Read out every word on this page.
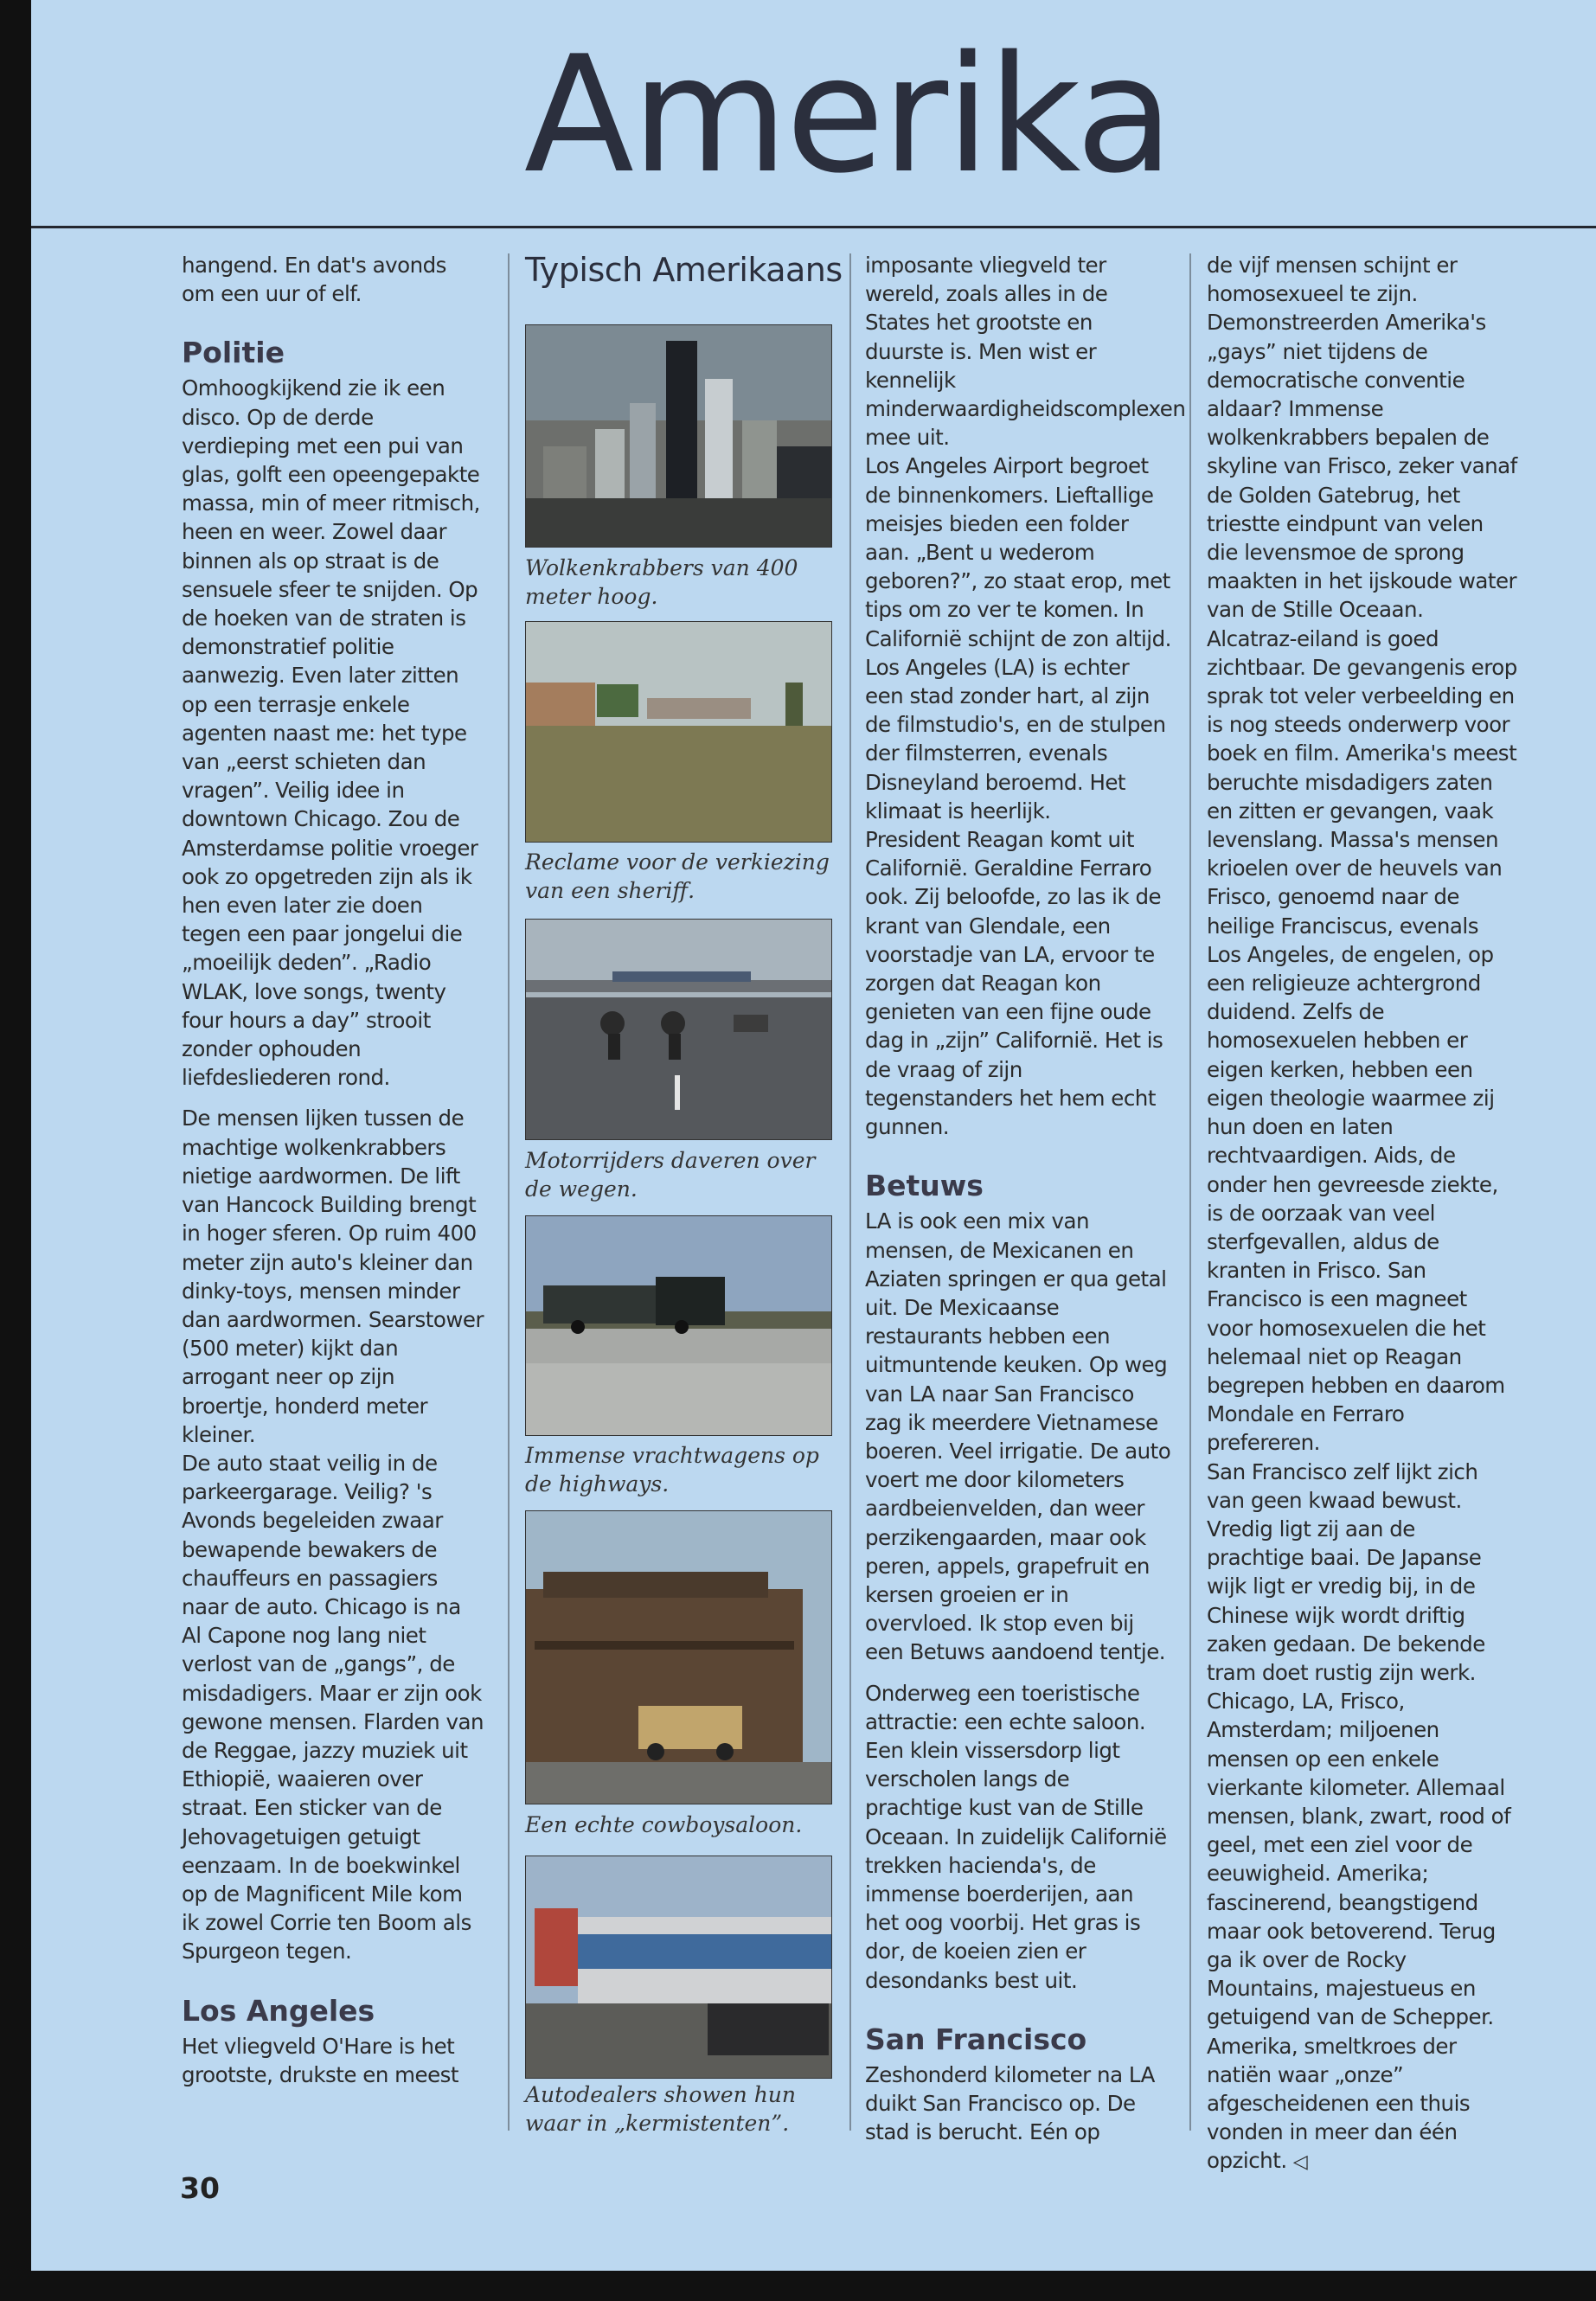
Amerika

hangend. En dat's avonds om een uur of elf.

Politie

Omhoogkijkend zie ik een disco. Op de derde verdieping met een pui van glas, golft een opeengepakte massa, min of meer ritmisch, heen en weer. Zowel daar binnen als op straat is de sensuele sfeer te snijden. Op de hoeken van de straten is demonstratief politie aanwezig. Even later zitten op een terrasje enkele agenten naast me: het type van „eerst schieten dan vragen”. Veilig idee in downtown Chicago. Zou de Amsterdamse politie vroeger ook zo opgetreden zijn als ik hen even later zie doen tegen een paar jongelui die „moeilijk deden”. „Radio WLAK, love songs, twenty four hours a day” strooit zonder ophouden liefdesliederen rond.

De mensen lijken tussen de machtige wolkenkrabbers nietige aardwormen. De lift van Hancock Building brengt in hoger sferen. Op ruim 400 meter zijn auto's kleiner dan dinky-toys, mensen minder dan aardwormen. Searstower (500 meter) kijkt dan arrogant neer op zijn broertje, honderd meter kleiner.

De auto staat veilig in de parkeergarage. Veilig? 's Avonds begeleiden zwaar bewapende bewakers de chauffeurs en passagiers naar de auto. Chicago is na Al Capone nog lang niet verlost van de „gangs”, de misdadigers. Maar er zijn ook gewone mensen. Flarden van de Reggae, jazzy muziek uit Ethiopië, waaieren over straat. Een sticker van de Jehovagetuigen getuigt eenzaam. In de boekwinkel op de Magnificent Mile kom ik zowel Corrie ten Boom als Spurgeon tegen.

Los Angeles

Het vliegveld O'Hare is het grootste, drukste en meest

Typisch Amerikaans
Wolkenkrabbers van 400 meter hoog.
Reclame voor de verkiezing van een sheriff.
Motorrijders daveren over de wegen.
Immense vrachtwagens op de highways.
Een echte cowboysaloon.
Autodealers showen hun waar in „kermistenten”.

imposante vliegveld ter wereld, zoals alles in de States het grootste en duurste is. Men wist er kennelijk minderwaardigheidscomplexen mee uit.

Los Angeles Airport begroet de binnenkomers. Lieftallige meisjes bieden een folder aan. „Bent u wederom geboren?”, zo staat erop, met tips om zo ver te komen. In Californië schijnt de zon altijd. Los Angeles (LA) is echter een stad zonder hart, al zijn de filmstudio's, en de stulpen der filmsterren, evenals Disneyland beroemd. Het klimaat is heerlijk.

President Reagan komt uit Californië. Geraldine Ferraro ook. Zij beloofde, zo las ik de krant van Glendale, een voorstadje van LA, ervoor te zorgen dat Reagan kon genieten van een fijne oude dag in „zijn” Californië. Het is de vraag of zijn tegenstanders het hem echt gunnen.

Betuws

LA is ook een mix van mensen, de Mexicanen en Aziaten springen er qua getal uit. De Mexicaanse restaurants hebben een uitmuntende keuken. Op weg van LA naar San Francisco zag ik meerdere Vietnamese boeren. Veel irrigatie. De auto voert me door kilometers aardbeienvelden, dan weer perzikengaarden, maar ook peren, appels, grapefruit en kersen groeien er in overvloed. Ik stop even bij een Betuws aandoend tentje.

Onderweg een toeristische attractie: een echte saloon. Een klein vissersdorp ligt verscholen langs de prachtige kust van de Stille Oceaan. In zuidelijk Californië trekken hacienda's, de immense boerderijen, aan het oog voorbij. Het gras is dor, de koeien zien er desondanks best uit.

San Francisco

Zeshonderd kilometer na LA duikt San Francisco op. De stad is berucht. Eén op

de vijf mensen schijnt er homosexueel te zijn. Demonstreerden Amerika's „gays” niet tijdens de democratische conventie aldaar? Immense wolkenkrabbers bepalen de skyline van Frisco, zeker vanaf de Golden Gatebrug, het triestte eindpunt van velen die levensmoe de sprong maakten in het ijskoude water van de Stille Oceaan. Alcatraz-eiland is goed zichtbaar. De gevangenis erop sprak tot veler verbeelding en is nog steeds onderwerp voor boek en film. Amerika's meest beruchte misdadigers zaten en zitten er gevangen, vaak levenslang. Massa's mensen krioelen over de heuvels van Frisco, genoemd naar de heilige Franciscus, evenals Los Angeles, de engelen, op een religieuze achtergrond duidend. Zelfs de homosexuelen hebben er eigen kerken, hebben een eigen theologie waarmee zij hun doen en laten rechtvaardigen. Aids, de onder hen gevreesde ziekte, is de oorzaak van veel sterfgevallen, aldus de kranten in Frisco. San Francisco is een magneet voor homosexuelen die het helemaal niet op Reagan begrepen hebben en daarom Mondale en Ferraro prefereren.

San Francisco zelf lijkt zich van geen kwaad bewust. Vredig ligt zij aan de prachtige baai. De Japanse wijk ligt er vredig bij, in de Chinese wijk wordt driftig zaken gedaan. De bekende tram doet rustig zijn werk. Chicago, LA, Frisco, Amsterdam; miljoenen mensen op een enkele vierkante kilometer. Allemaal mensen, blank, zwart, rood of geel, met een ziel voor de eeuwigheid. Amerika; fascinerend, beangstigend maar ook betoverend. Terug ga ik over de Rocky Mountains, majestueus en getuigend van de Schepper. Amerika, smeltkroes der natiën waar „onze” afgescheidenen een thuis vonden in meer dan één opzicht. ◁

30
